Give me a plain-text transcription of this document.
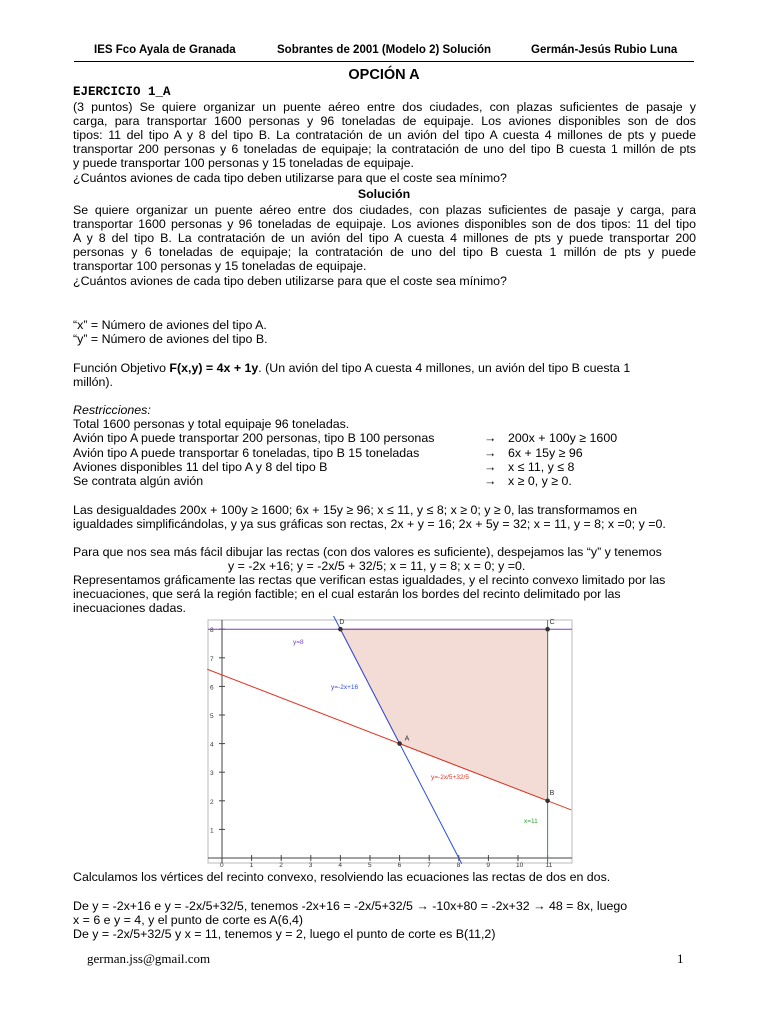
IES Fco Ayala de Granada	Sobrantes de 2001 (Modelo 2) Solución	Germán-Jesús Rubio Luna
OPCIÓN A
EJERCICIO 1_A
(3 puntos) Se quiere organizar un puente aéreo entre dos ciudades, con plazas suficientes de pasaje y
carga, para transportar 1600 personas y 96 toneladas de equipaje. Los aviones disponibles son de dos
tipos: 11 del tipo A y 8 del tipo B. La contratación de un avión del tipo A cuesta 4 millones de pts y puede
transportar 200 personas y 6 toneladas de equipaje; la contratación de uno del tipo B cuesta 1 millón de pts
y puede transportar 100 personas y 15 toneladas de equipaje.
¿Cuántos aviones de cada tipo deben utilizarse para que el coste sea mínimo?
Solución
Se quiere organizar un puente aéreo entre dos ciudades, con plazas suficientes de pasaje y carga, para
transportar 1600 personas y 96 toneladas de equipaje. Los aviones disponibles son de dos tipos: 11 del tipo
A y 8 del tipo B. La contratación de un avión del tipo A cuesta 4 millones de pts y puede transportar 200
personas y 6 toneladas de equipaje; la contratación de uno del tipo B cuesta 1 millón de pts y puede
transportar 100 personas y 15 toneladas de equipaje.
¿Cuántos aviones de cada tipo deben utilizarse para que el coste sea mínimo?
“x” = Número de aviones del tipo A.
“y” = Número de aviones del tipo B.
Función Objetivo F(x,y) = 4x + 1y. (Un avión del tipo A cuesta 4 millones, un avión del tipo B cuesta 1
millón).
Restricciones:
Total 1600 personas y total equipaje 96 toneladas.
Avión tipo A puede transportar 200 personas, tipo B 100 personas	→ 200x + 100y ≥ 1600
Avión tipo A puede transportar 6 toneladas, tipo B 15 toneladas	→ 6x + 15y ≥ 96
Aviones disponibles 11 del tipo A y 8 del tipo B	→ x ≤ 11, y ≤ 8
Se contrata algún avión	→ x ≥ 0, y ≥ 0.
Las desigualdades 200x + 100y ≥ 1600; 6x + 15y ≥ 96; x ≤ 11, y ≤ 8; x ≥ 0; y ≥ 0, las transformamos en
igualdades simplificándolas, y ya sus gráficas son rectas, 2x + y = 16; 2x + 5y = 32; x = 11, y = 8; x =0; y =0.
Para que nos sea más fácil dibujar las rectas (con dos valores es suficiente), despejamos las “y” y tenemos
y = -2x +16; y = -2x/5 + 32/5; x = 11, y = 8; x = 0; y =0.
Representamos gráficamente las rectas que verifican estas igualdades, y el recinto convexo limitado por las
inecuaciones, que será la región factible; en el cual estarán los bordes del recinto delimitado por las
inecuaciones dadas.
1
2
3
4
5
6
7
8
0	1	2	3	4	5	6	7	8	9	10	11
y=8
y=-2x+16
y=-2x/5+32/5
x=11
A
B
C
D
Calculamos los vértices del recinto convexo, resolviendo las ecuaciones las rectas de dos en dos.
De y = -2x+16 e y = -2x/5+32/5, tenemos -2x+16 = -2x/5+32/5 → -10x+80 = -2x+32 → 48 = 8x, luego
x = 6 e y = 4, y el punto de corte es A(6,4)
De y = -2x/5+32/5 y x = 11, tenemos y = 2, luego el punto de corte es B(11,2)
german.jss@gmail.com	1
